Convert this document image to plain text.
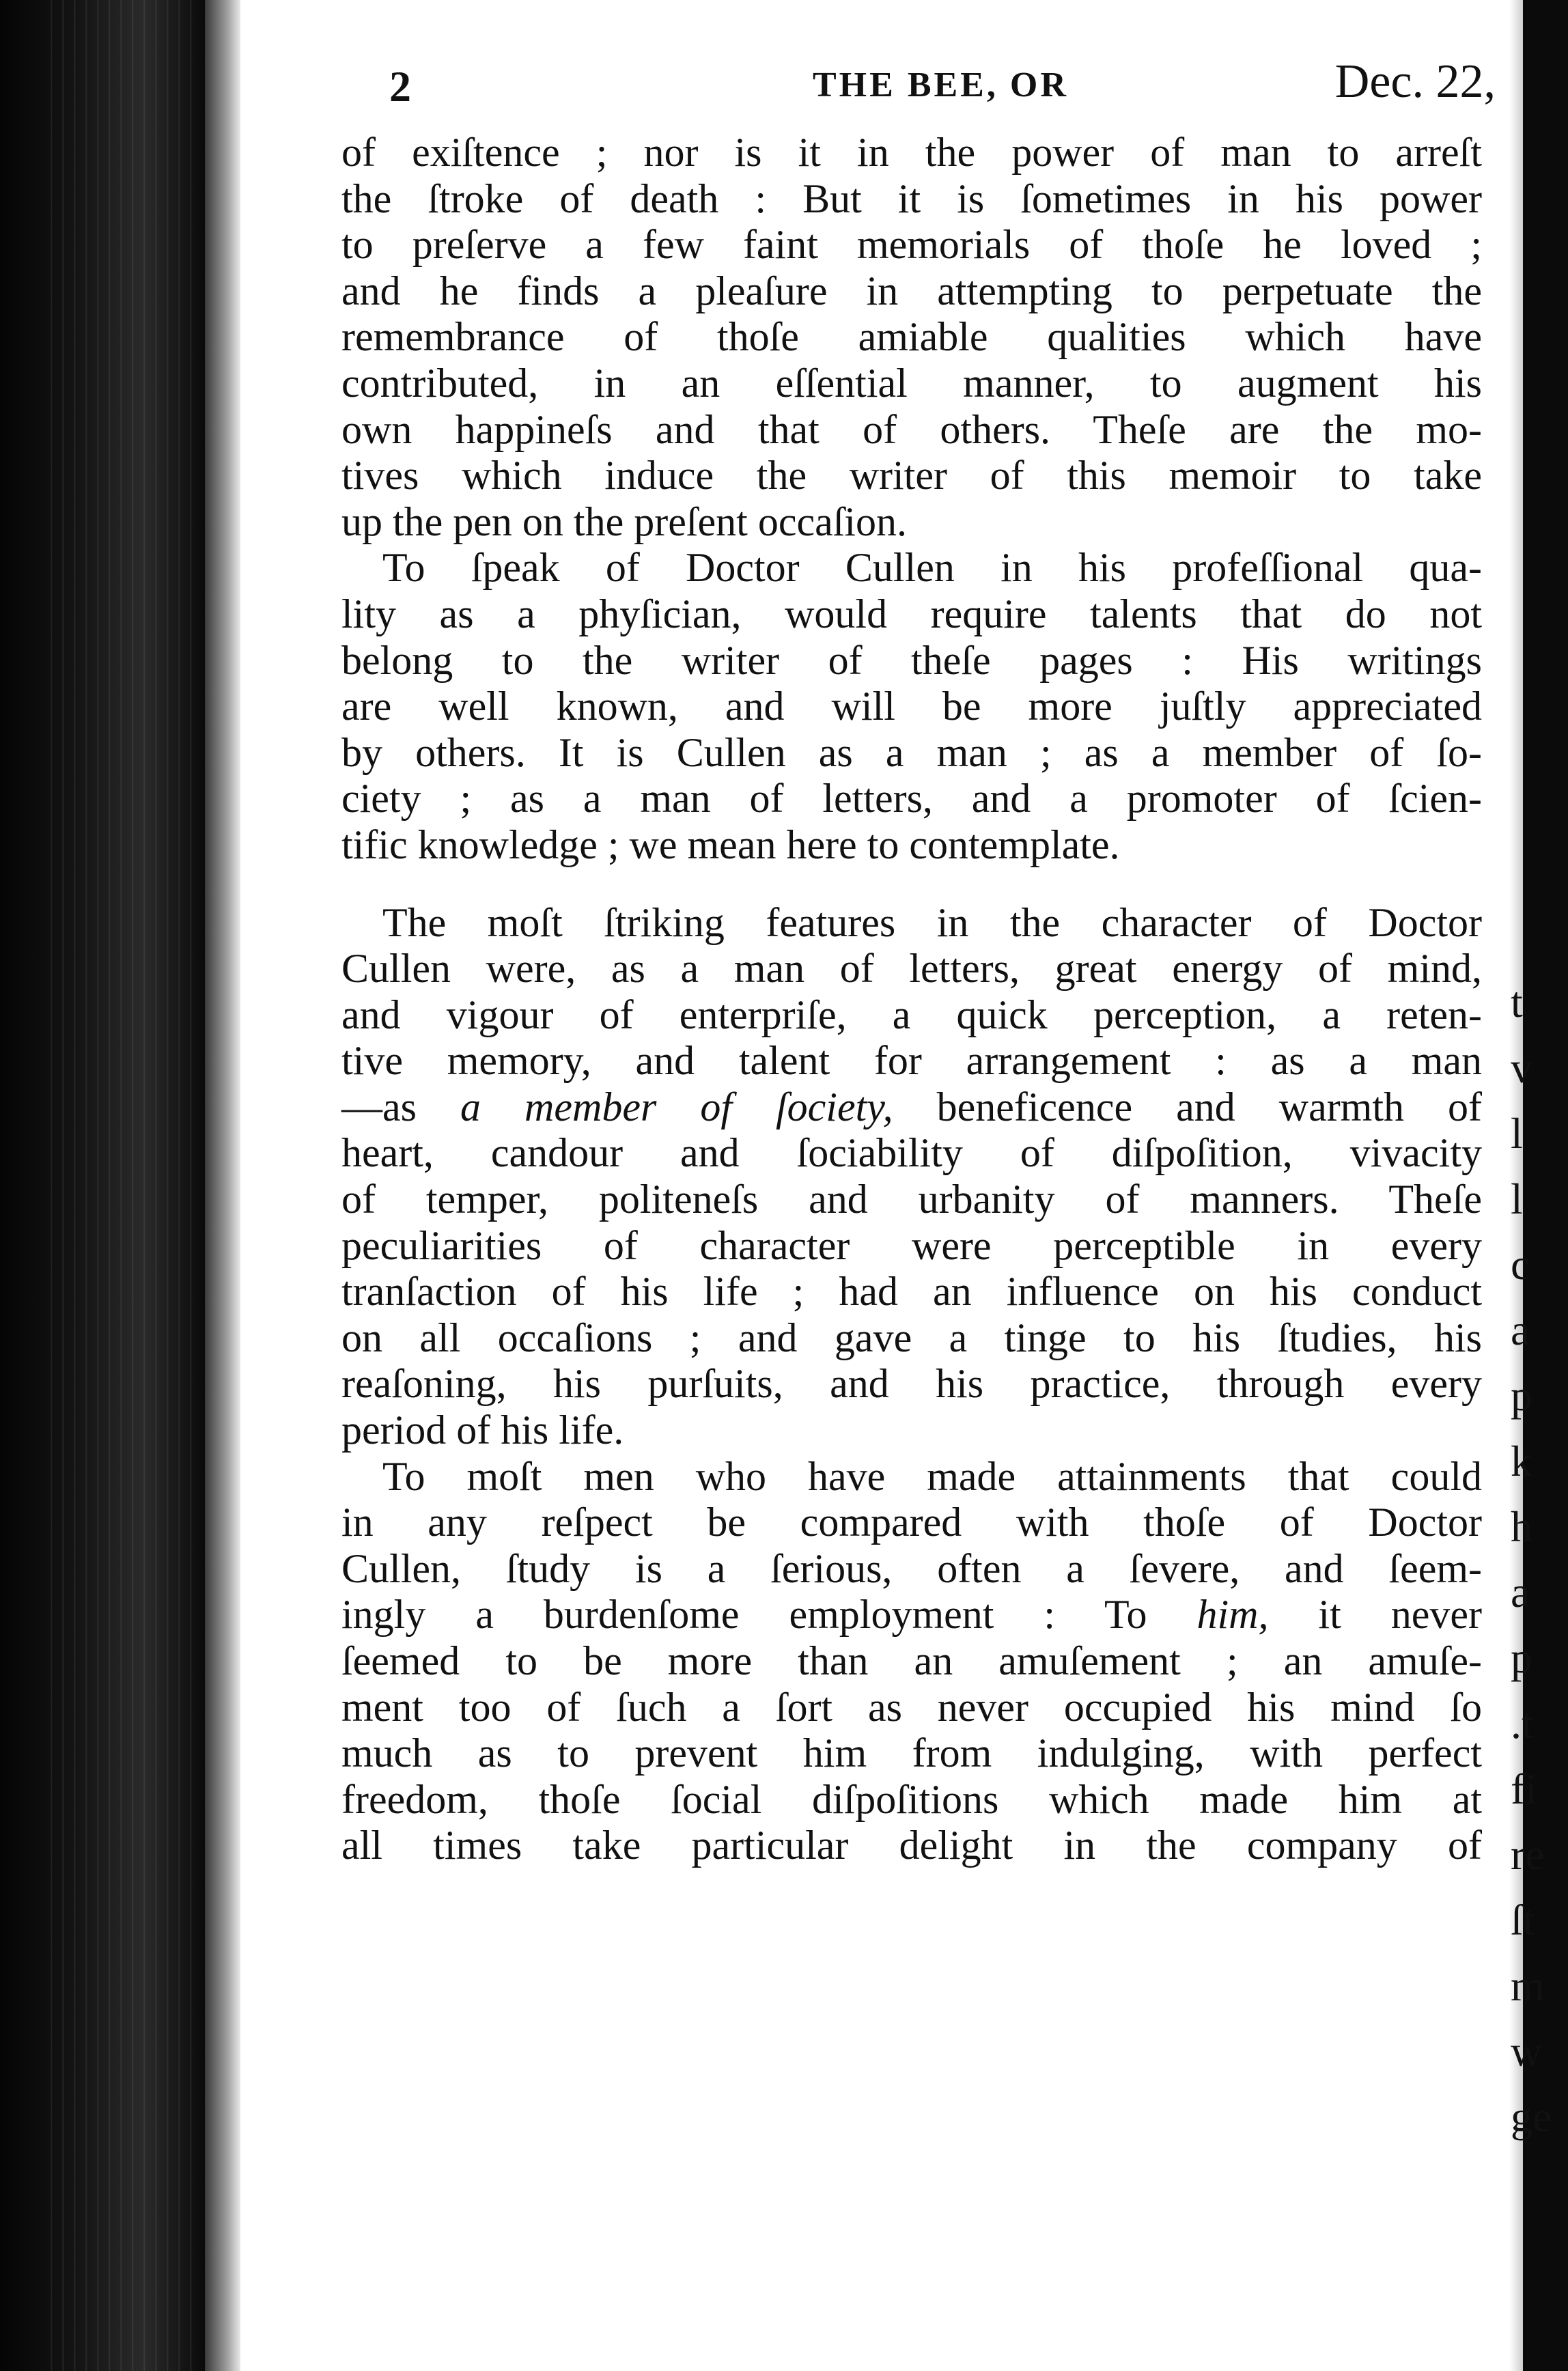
t
v
l
l
c
a
p
k
h
a
p
.t
fi
re
ſt
m
w
ge
2	THE BEE, OR	Dec. 22,

of exiſtence ; nor is it in the power of man to arreſt
the ſtroke of death : But it is ſometimes in his power
to preſerve a few faint memorials of thoſe he loved ;
and he finds a pleaſure in attempting to perpetuate the
remembrance of thoſe amiable qualities which have
contributed, in an eſſential manner, to augment his
own happineſs and that of others. Theſe are the mo-
tives which induce the writer of this memoir to take
up the pen on the preſent occaſion.

To ſpeak of Doctor Cullen in his profeſſional qua-
lity as a phyſician, would require talents that do not
belong to the writer of theſe pages : His writings
are well known, and will be more juſtly appreciated
by others. It is Cullen as a man ; as a member of ſo-
ciety ; as a man of letters, and a promoter of ſcien-
tific knowledge ; we mean here to contemplate.

The moſt ſtriking features in the character of Doctor
Cullen were, as a man of letters, great energy of mind,
and vigour of enterpriſe, a quick perception, a reten-
tive memory, and talent for arrangement : as a man
—as a member of ſociety, beneficence and warmth of
heart, candour and ſociability of diſpoſition, vivacity
of temper, politeneſs and urbanity of manners. Theſe
peculiarities of character were perceptible in every
tranſaction of his life ; had an influence on his conduct
on all occaſions ; and gave a tinge to his ſtudies, his
reaſoning, his purſuits, and his practice, through every
period of his life.

To moſt men who have made attainments that could
in any reſpect be compared with thoſe of Doctor
Cullen, ſtudy is a ſerious, often a ſevere, and ſeem-
ingly a burdenſome employment : To him, it never
ſeemed to be more than an amuſement ; an amuſe-
ment too of ſuch a ſort as never occupied his mind ſo
much as to prevent him from indulging, with perfect
freedom, thoſe ſocial diſpoſitions which made him at
all times take particular delight in the company of
